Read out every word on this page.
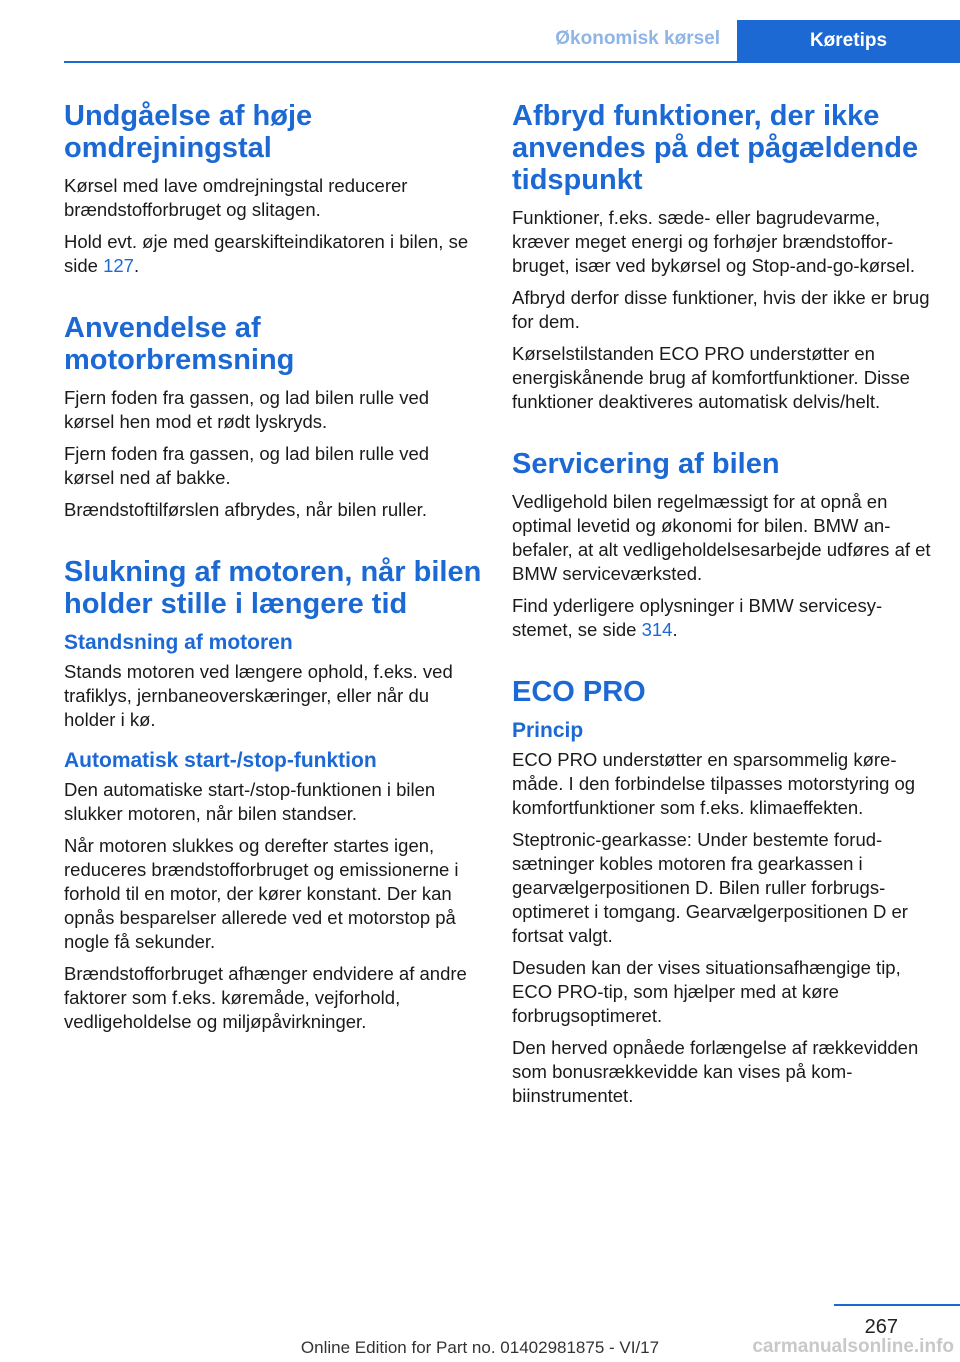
Økonomisk kørsel	Køretips
Undgåelse af høje omdrejningstal

Kørsel med lave omdrejningstal reducerer brændstofforbruget og slitagen.

Hold evt. øje med gearskifteindikatoren i bilen, se side 127.

Anvendelse af motorbremsning

Fjern foden fra gassen, og lad bilen rulle ved kørsel hen mod et rødt lyskryds.

Fjern foden fra gassen, og lad bilen rulle ved kørsel ned af bakke.

Brændstoftilførslen afbrydes, når bilen ruller.

Slukning af motoren, når bilen holder stille i længere tid
Standsning af motoren

Stands motoren ved længere ophold, f.eks. ved trafiklys, jernbaneoverskæringer, eller når du holder i kø.

Automatisk start-/stop-funktion

Den automatiske start-/stop-funktionen i bilen slukker motoren, når bilen standser.

Når motoren slukkes og derefter startes igen, reduceres brændstofforbruget og emissionerne i forhold til en motor, der kører konstant. Der kan opnås besparelser allerede ved et motorstop på nogle få sekunder.

Brændstofforbruget afhænger endvidere af andre faktorer som f.eks. køremåde, vejforhold, vedligeholdelse og miljøpåvirkninger.

Afbryd funktioner, der ikke anvendes på det pågældende tidspunkt

Funktioner, f.eks. sæde- eller bagrudevarme, kræver meget energi og forhøjer brændstofforbruget, især ved bykørsel og Stop-and-go-kørsel.

Afbryd derfor disse funktioner, hvis der ikke er brug for dem.

Kørselstilstanden ECO PRO understøtter en energiskånende brug af komfortfunktioner. Disse funktioner deaktiveres automatisk delvis/helt.

Servicering af bilen

Vedligehold bilen regelmæssigt for at opnå en optimal levetid og økonomi for bilen. BMW anbefaler, at alt vedligeholdelsesarbejde udføres af et BMW serviceværksted.

Find yderligere oplysninger i BMW servicesystemet, se side 314.

ECO PRO
Princip

ECO PRO understøtter en sparsommelig køremåde. I den forbindelse tilpasses motorstyring og komfortfunktioner som f.eks. klimaeffekten.

Steptronic-gearkasse: Under bestemte forudsætninger kobles motoren fra gearkassen i gearvælgerpositionen D. Bilen ruller forbrugsoptimeret i tomgang. Gearvælgerpositionen D er fortsat valgt.

Desuden kan der vises situationsafhængige tip, ECO PRO-tip, som hjælper med at køre forbrugsoptimeret.

Den herved opnåede forlængelse af rækkevidden som bonusrækkevidde kan vises på kombiinstrumentet.

267
Online Edition for Part no. 01402981875 - VI/17	carmanualsonline.info
